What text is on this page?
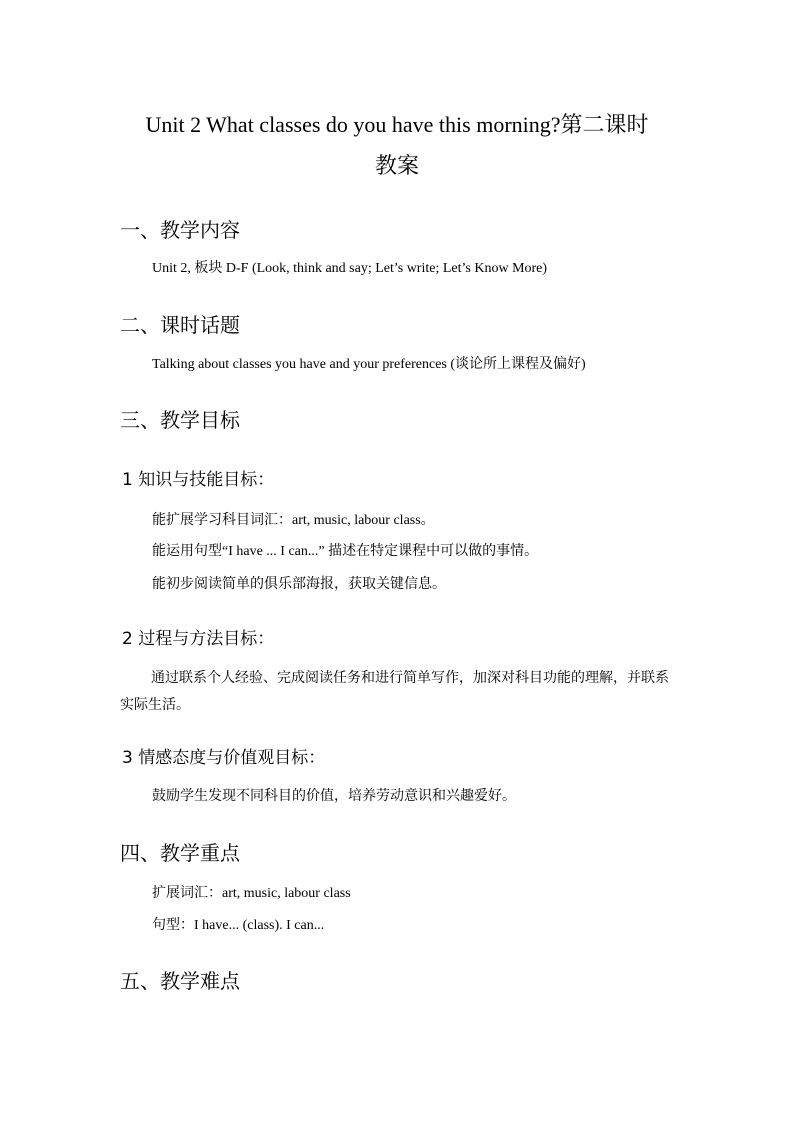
Unit 2 What classes do you have this morning?第二课时
教案
一、教学内容
Unit 2, 板块 D-F (Look, think and say; Let’s write; Let’s Know More)
二、课时话题
Talking about classes you have and your preferences (谈论所上课程及偏好)
三、教学目标
1 知识与技能目标：
能扩展学习科目词汇：art, music, labour class。
能运用句型“I have ... I can...” 描述在特定课程中可以做的事情。
能初步阅读简单的俱乐部海报，获取关键信息。
2 过程与方法目标：
通过联系个人经验、完成阅读任务和进行简单写作，加深对科目功能的理解，并联系实际生活。
3 情感态度与价值观目标：
鼓励学生发现不同科目的价值，培养劳动意识和兴趣爱好。
四、教学重点
扩展词汇：art, music, labour class
句型：I have... (class). I can...
五、教学难点
